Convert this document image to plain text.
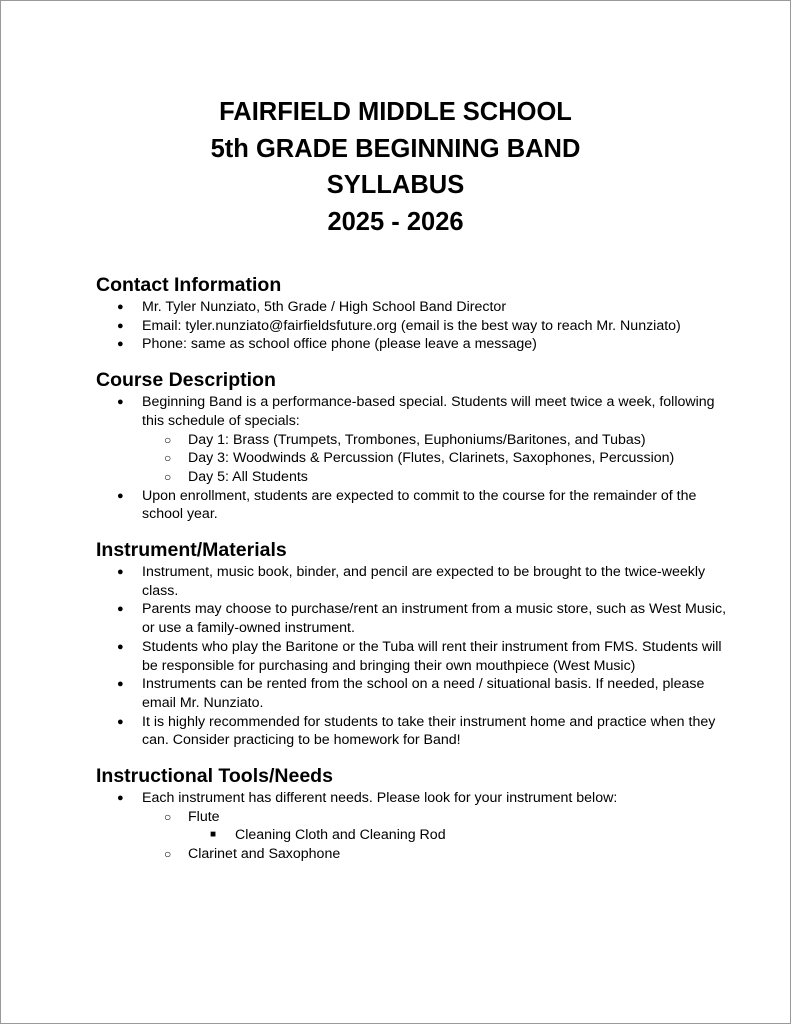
FAIRFIELD MIDDLE SCHOOL

5th GRADE BEGINNING BAND

SYLLABUS

2025 - 2026

Contact Information
● Mr. Tyler Nunziato, 5th Grade / High School Band Director
● Email: tyler.nunziato@fairfieldsfuture.org (email is the best way to reach Mr. Nunziato)
● Phone: same as school office phone (please leave a message)
Course Description
● Beginning Band is a performance-based special. Students will meet twice a week, following this schedule of specials:
○ Day 1: Brass (Trumpets, Trombones, Euphoniums/Baritones, and Tubas)
○ Day 3: Woodwinds & Percussion (Flutes, Clarinets, Saxophones, Percussion)
○ Day 5: All Students
● Upon enrollment, students are expected to commit to the course for the remainder of the school year.
Instrument/Materials
● Instrument, music book, binder, and pencil are expected to be brought to the twice-weekly class.
● Parents may choose to purchase/rent an instrument from a music store, such as West Music, or use a family-owned instrument.
● Students who play the Baritone or the Tuba will rent their instrument from FMS. Students will be responsible for purchasing and bringing their own mouthpiece (West Music)
● Instruments can be rented from the school on a need / situational basis. If needed, please email Mr. Nunziato.
● It is highly recommended for students to take their instrument home and practice when they can. Consider practicing to be homework for Band!
Instructional Tools/Needs
● Each instrument has different needs. Please look for your instrument below:
○ Flute
■ Cleaning Cloth and Cleaning Rod
○ Clarinet and Saxophone
